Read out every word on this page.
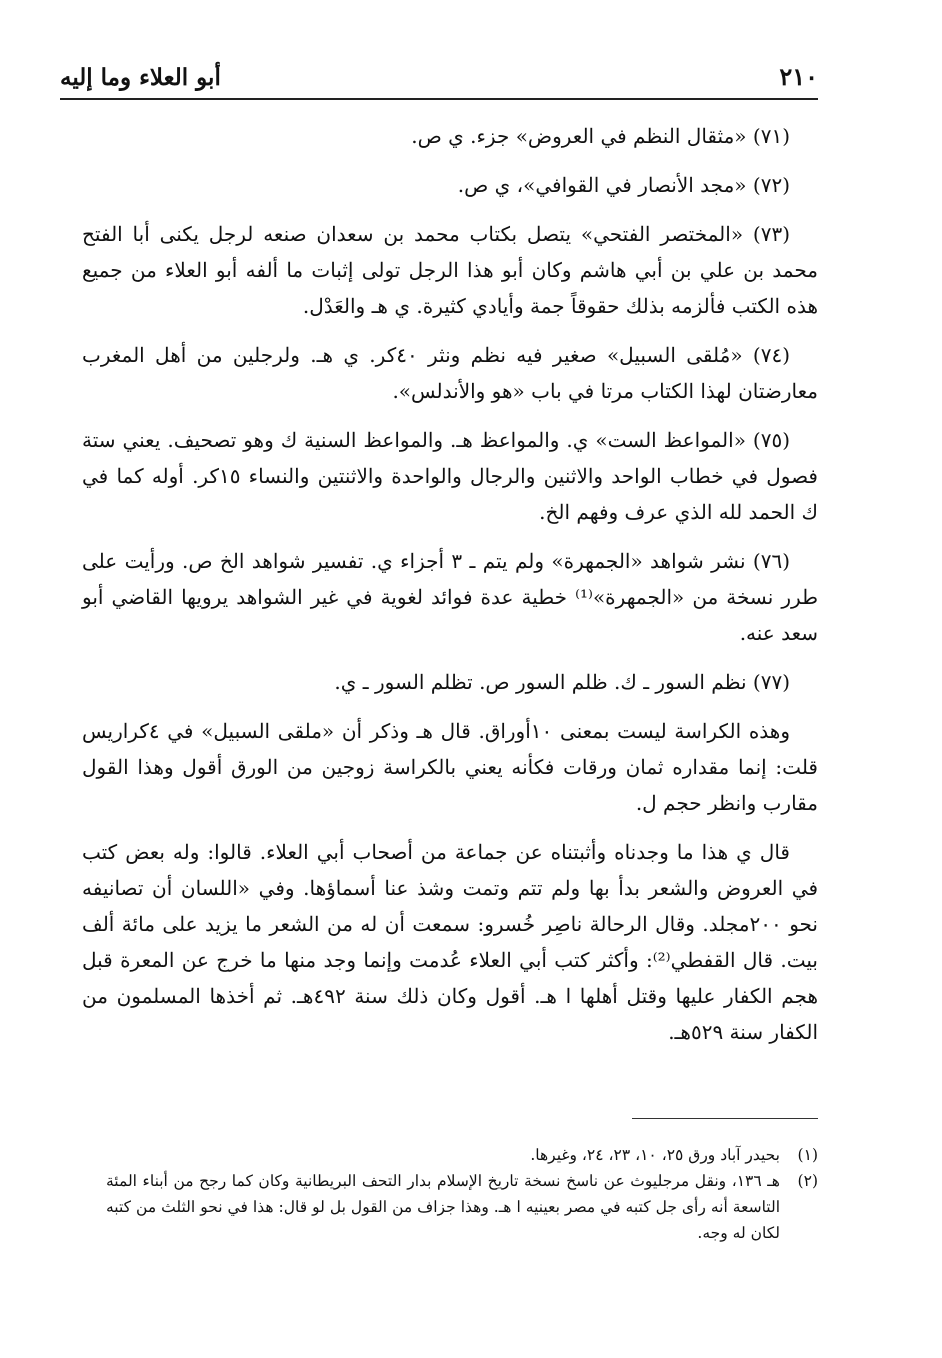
٢١٠
أبو العلاء وما إليه

(٧١) «مثقال النظم في العروض» جزء. ي ص.

(٧٢) «مجد الأنصار في القوافي»، ي ص.

(٧٣) «المختصر الفتحي» يتصل بكتاب محمد بن سعدان صنعه لرجل يكنى أبا الفتح محمد بن علي بن أبي هاشم وكان أبو هذا الرجل تولى إثبات ما ألفه أبو العلاء من جميع هذه الكتب فألزمه بذلك حقوقاً جمة وأيادي كثيرة. ي هـ والعَدْل.

(٧٤) «مُلقى السبيل» صغير فيه نظم ونثر ٤٠كر. ي هـ. ولرجلين من أهل المغرب معارضتان لهذا الكتاب مرتا في باب «هو والأندلس».

(٧٥) «المواعظ الست» ي. والمواعظ هـ. والمواعظ السنية ك وهو تصحيف. يعني ستة فصول في خطاب الواحد والاثنين والرجال والواحدة والاثنتين والنساء ١٥كر. أوله كما في ك الحمد لله الذي عرف وفهم الخ.

(٧٦) نشر شواهد «الجمهرة» ولم يتم ـ ٣ أجزاء ي. تفسير شواهد الخ ص. ورأيت على طرر نسخة من «الجمهرة»⁽¹⁾ خطية عدة فوائد لغوية في غير الشواهد يرويها القاضي أبو سعد عنه.

(٧٧) نظم السور ـ ك. ظلم السور ص. تظلم السور ـ ي.

وهذه الكراسة ليست بمعنى ١٠أوراق. قال هـ وذكر أن «ملقى السبيل» في ٤كراريس قلت: إنما مقداره ثمان ورقات فكأنه يعني بالكراسة زوجين من الورق أقول وهذا القول مقارب وانظر حجم ل.

قال ي هذا ما وجدناه وأثبتناه عن جماعة من أصحاب أبي العلاء. قالوا: وله بعض كتب في العروض والشعر بدأ بها ولم تتم وتمت وشذ عنا أسماؤها. وفي «اللسان أن تصانيفه نحو ٢٠٠مجلد. وقال الرحالة ناصِر خُسرو: سمعت أن له من الشعر ما يزيد على مائة ألف بيت. قال القفطي⁽²⁾: وأكثر كتب أبي العلاء عُدمت وإنما وجد منها ما خرج عن المعرة قبل هجم الكفار عليها وقتل أهلها ا هـ. أقول وكان ذلك سنة ٤٩٢هـ. ثم أخذها المسلمون من الكفار سنة ٥٢٩هـ.

(١)
بحيدر آباد ورق ٢٥، ١٠، ٢٣، ٢٤، وغيرها.
(٢)
هـ ١٣٦، ونقل مرجليوث عن ناسخ نسخة تاريخ الإسلام بدار التحف البريطانية وكان كما رجح من أبناء المئة التاسعة أنه رأى جل كتبه في مصر بعينيه ا هـ. وهذا جزاف من القول بل لو قال: هذا في نحو الثلث من كتبه لكان له وجه.
